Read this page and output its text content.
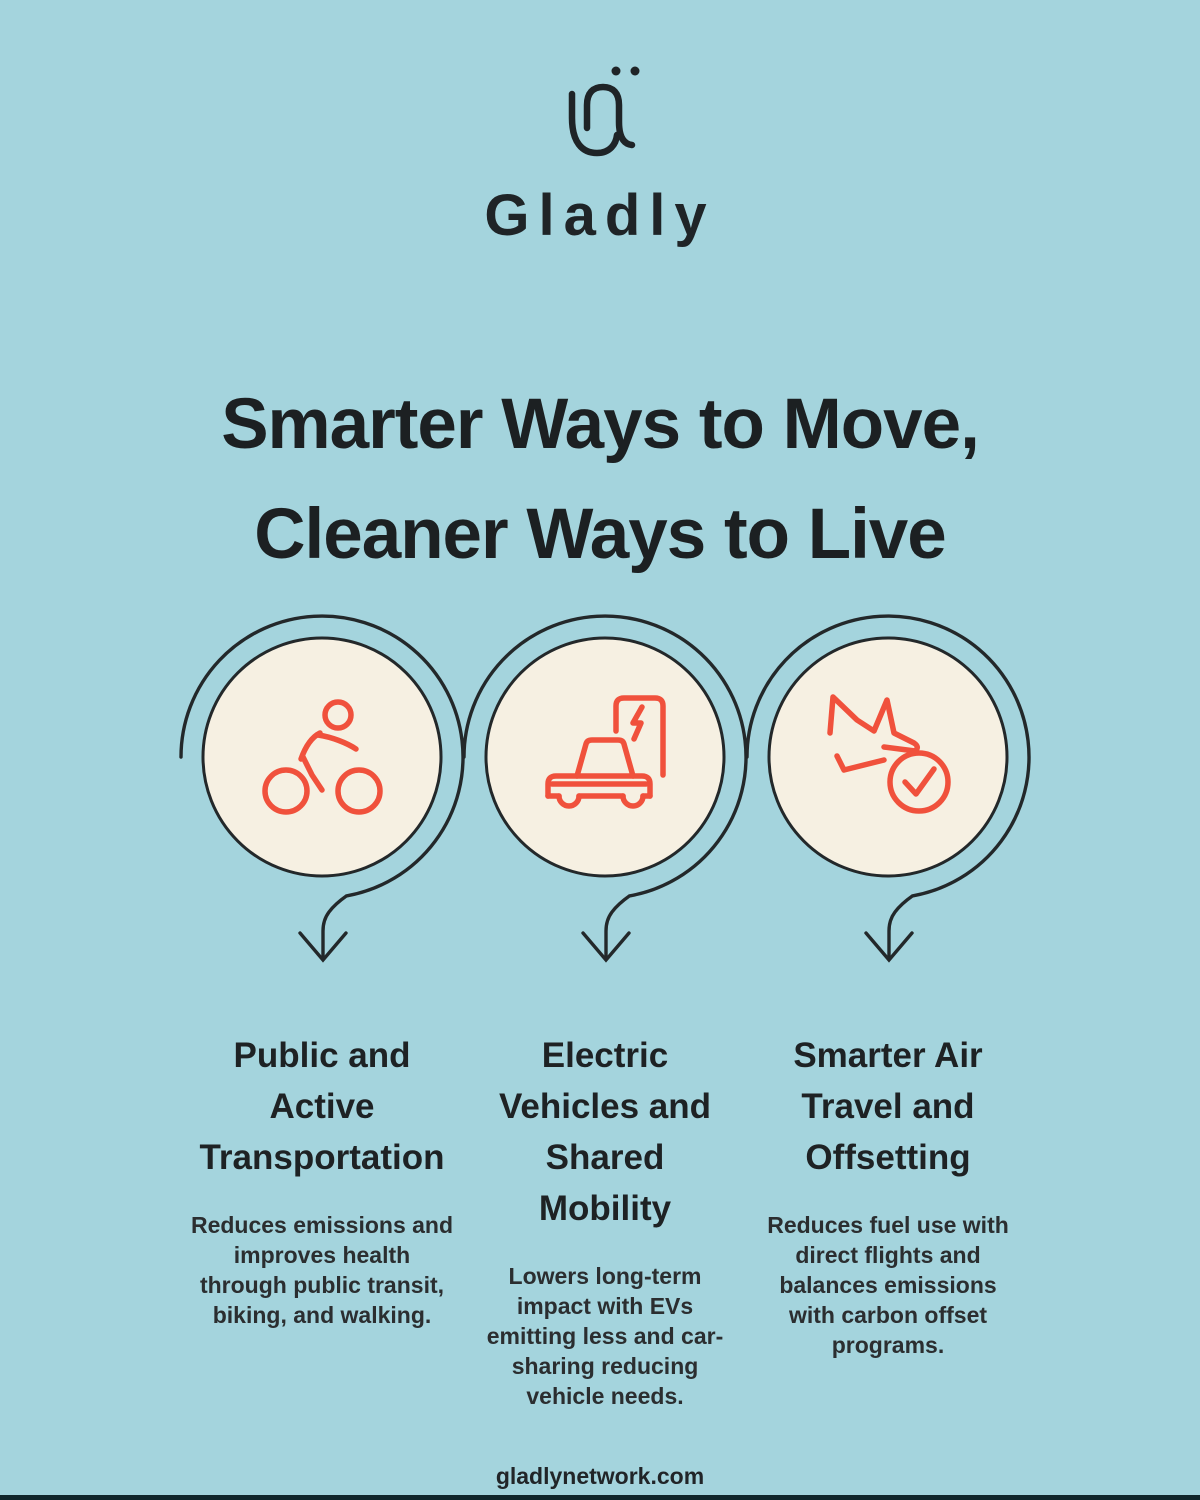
Gladly
Smarter Ways to Move,
Cleaner Ways to Live
Public and
Active
Transportation

Reduces emissions and improves health through public transit, biking, and walking.

Electric
Vehicles and
Shared
Mobility

Lowers long-term impact with EVs emitting less and car-sharing reducing vehicle needs.

Smarter Air
Travel and
Offsetting

Reduces fuel use with direct flights and balances emissions with carbon offset programs.

gladlynetwork.com
